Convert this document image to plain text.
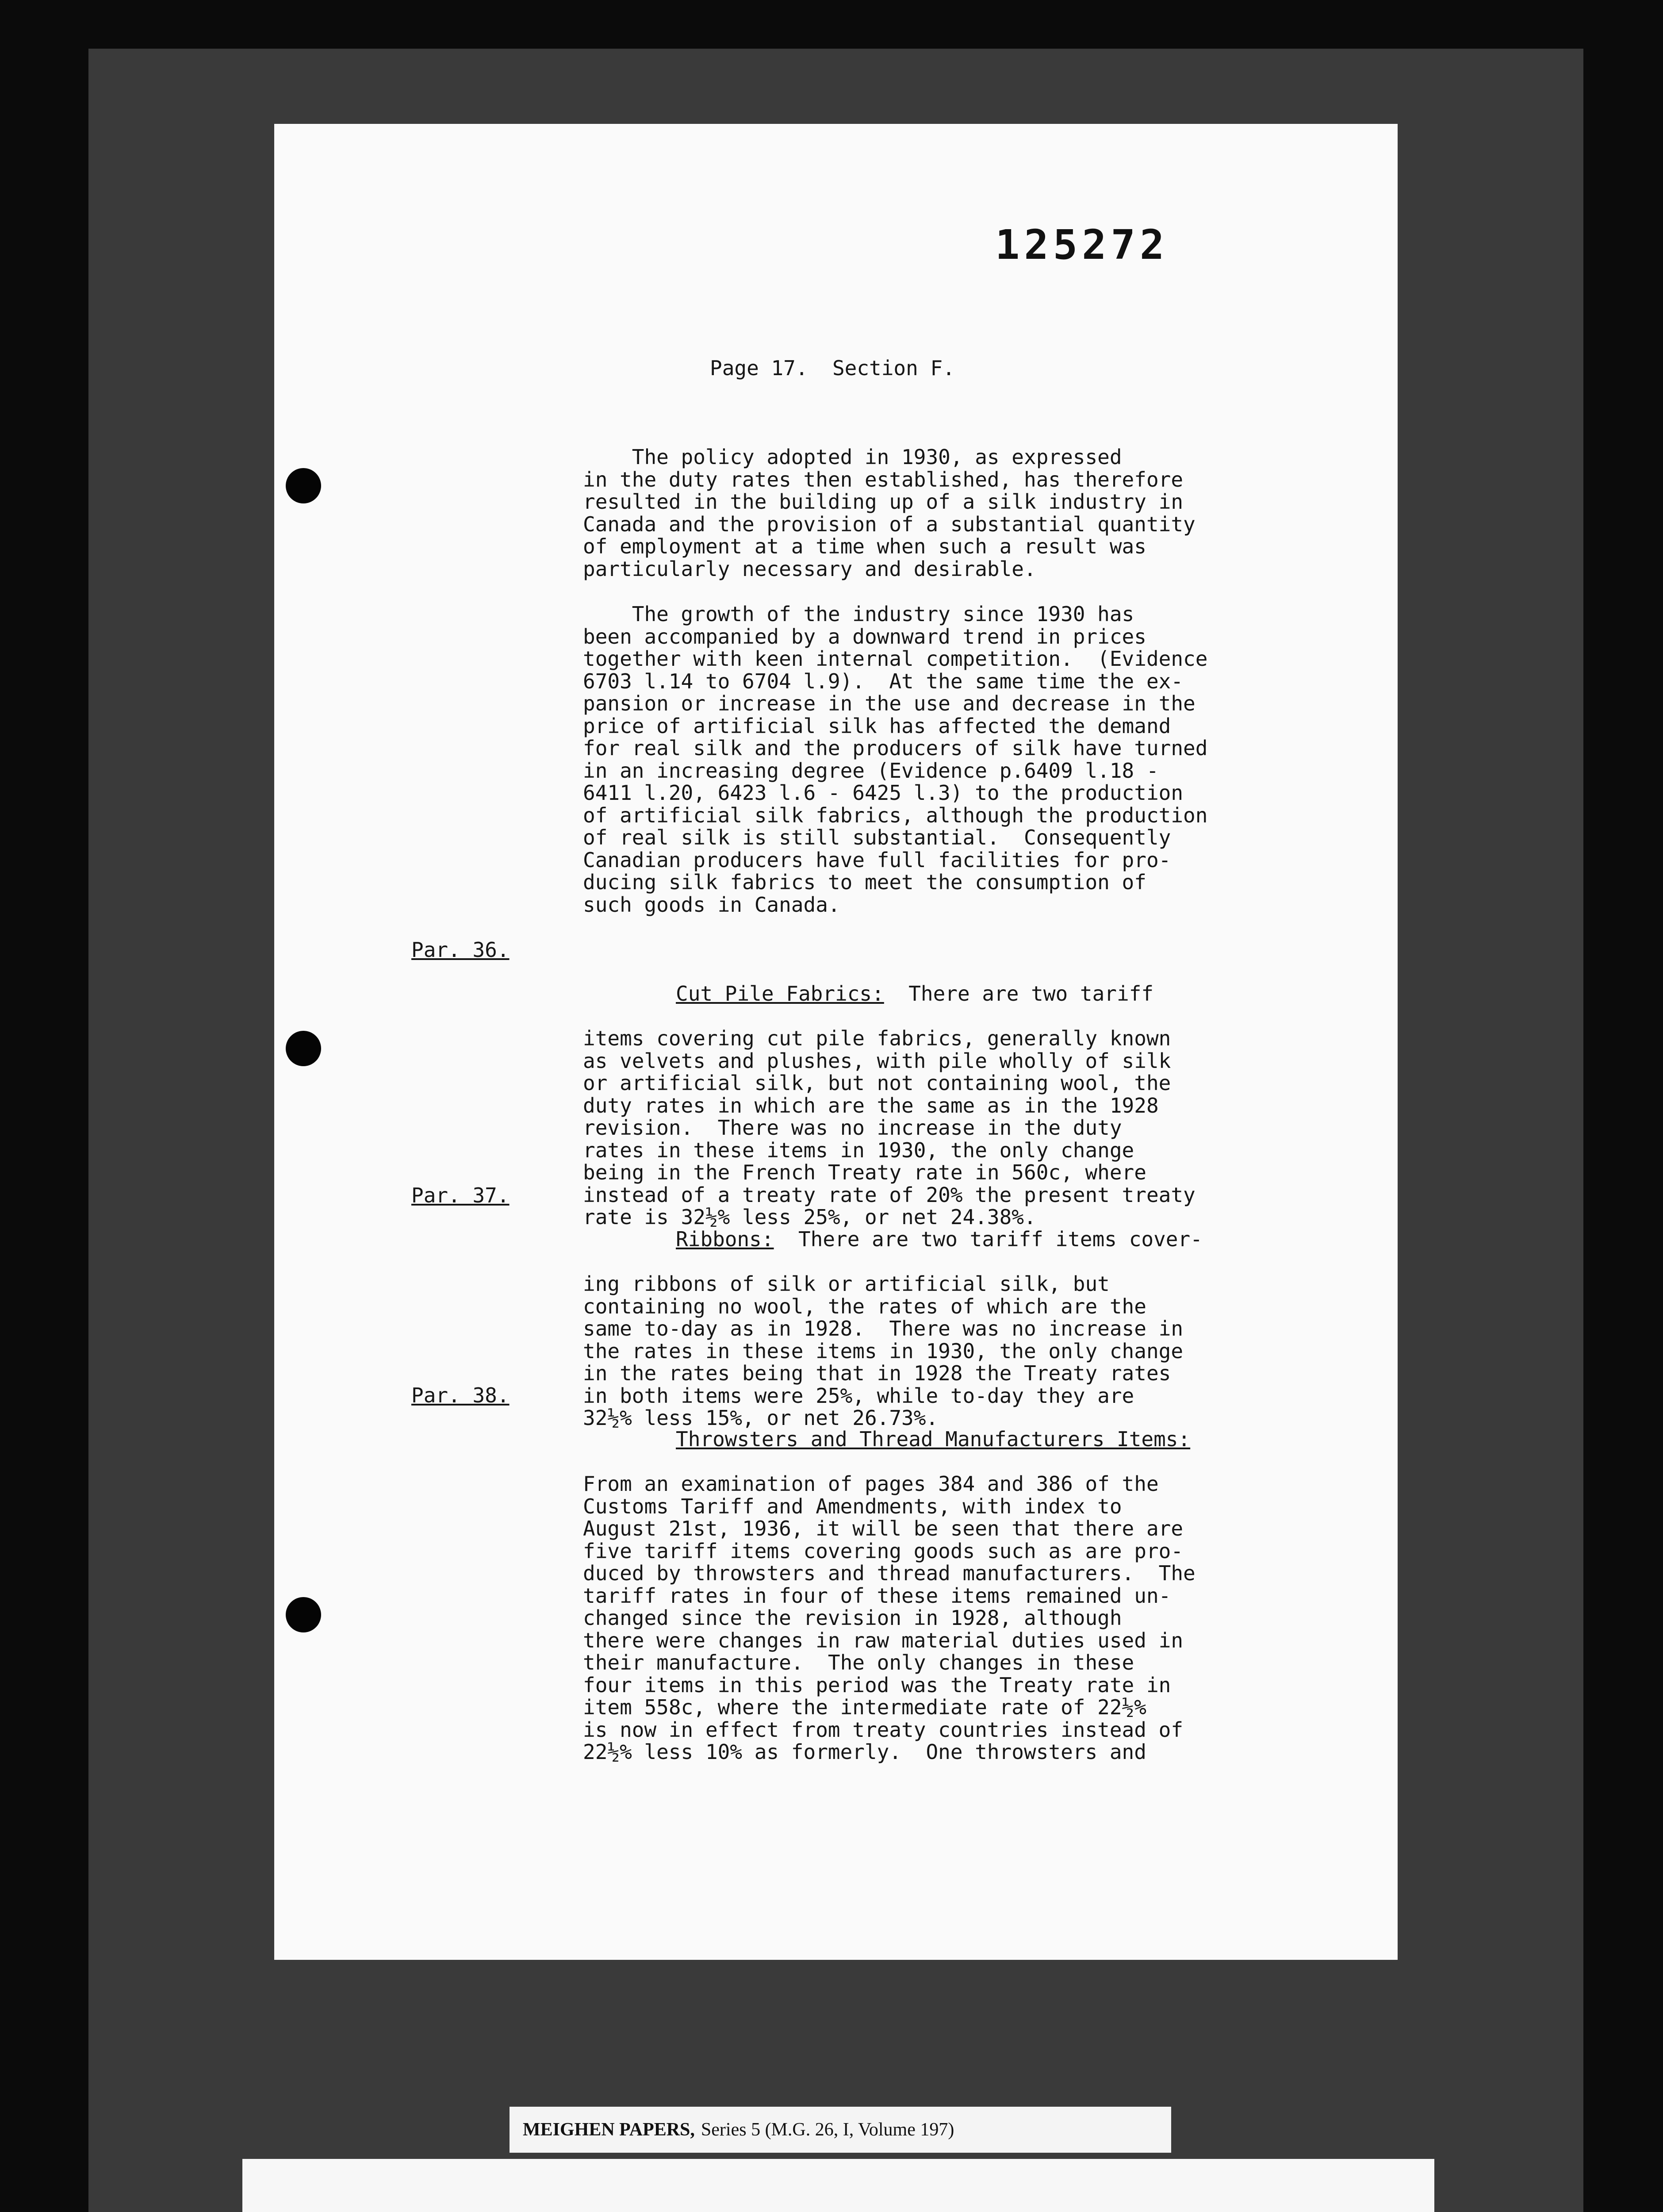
125272
Page 17.  Section F.
The policy adopted in 1930, as expressed
in the duty rates then established, has therefore
resulted in the building up of a silk industry in
Canada and the provision of a substantial quantity
of employment at a time when such a result was
particularly necessary and desirable.
The growth of the industry since 1930 has
been accompanied by a downward trend in prices
together with keen internal competition.  (Evidence
6703 l.14 to 6704 l.9).  At the same time the ex-
pansion or increase in the use and decrease in the
price of artificial silk has affected the demand
for real silk and the producers of silk have turned
in an increasing degree (Evidence p.6409 l.18 -
6411 l.20, 6423 l.6 - 6425 l.3) to the production
of artificial silk fabrics, although the production
of real silk is still substantial.  Consequently
Canadian producers have full facilities for pro-
ducing silk fabrics to meet the consumption of
such goods in Canada.
Par. 36.

Cut Pile Fabrics:  There are two tariff

items covering cut pile fabrics, generally known
as velvets and plushes, with pile wholly of silk
or artificial silk, but not containing wool, the
duty rates in which are the same as in the 1928
revision.  There was no increase in the duty
rates in these items in 1930, the only change
being in the French Treaty rate in 560c, where
instead of a treaty rate of 20% the present treaty
rate is 32½% less 25%, or net 24.38%.
Par. 37.

Ribbons:  There are two tariff items cover-

ing ribbons of silk or artificial silk, but
containing no wool, the rates of which are the
same to-day as in 1928.  There was no increase in
the rates in these items in 1930, the only change
in the rates being that in 1928 the Treaty rates
in both items were 25%, while to-day they are
32½% less 15%, or net 26.73%.
Par. 38.

Throwsters and Thread Manufacturers Items:

From an examination of pages 384 and 386 of the
Customs Tariff and Amendments, with index to
August 21st, 1936, it will be seen that there are
five tariff items covering goods such as are pro-
duced by throwsters and thread manufacturers.  The
tariff rates in four of these items remained un-
changed since the revision in 1928, although
there were changes in raw material duties used in
their manufacture.  The only changes in these
four items in this period was the Treaty rate in
item 558c, where the intermediate rate of 22½%
is now in effect from treaty countries instead of
22½% less 10% as formerly.  One throwsters and
MEIGHEN PAPERS, Series 5 (M.G. 26, I, Volume 197)
